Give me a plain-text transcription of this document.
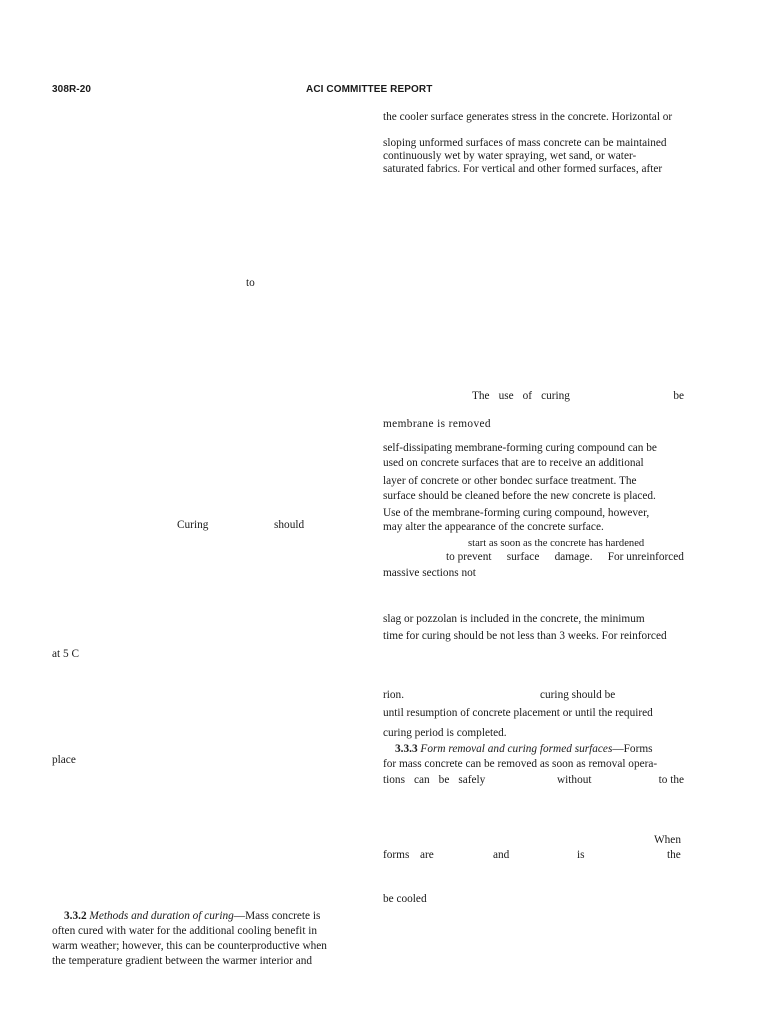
308R-20	ACI COMMITTEE REPORT
the cooler surface generates stress in the concrete. Horizontal or
sloping unformed surfaces of mass concrete can be maintained
continuously wet by water spraying, wet sand, or water-
saturated fabrics. For vertical and other formed surfaces, after
The use of curing	be
membrane is removed
self-dissipating membrane-forming curing compound can be
used on concrete surfaces that are to receive an additional
layer of concrete or other bondec surface treatment. The
surface should be cleaned before the new concrete is placed.
Use of the membrane-forming curing compound, however,
may alter the appearance of the concrete surface.
start as soon as the concrete has hardened
to prevent surface damage. For unreinforced
massive sections not
slag or pozzolan is included in the concrete, the minimum
time for curing should be not less than 3 weeks. For reinforced
rion.	curing should be
until resumption of concrete placement or until the required
curing period is completed.
3.3.3 Form removal and curing formed surfaces—Forms
for mass concrete can be removed as soon as removal opera-
tions can be safely	without	to the
When
forms are	and	is	the
be cooled
to
Curing	should
at 5 C
place
3.3.2 Methods and duration of curing—Mass concrete is
often cured with water for the additional cooling benefit in
warm weather; however, this can be counterproductive when
the temperature gradient between the warmer interior and
